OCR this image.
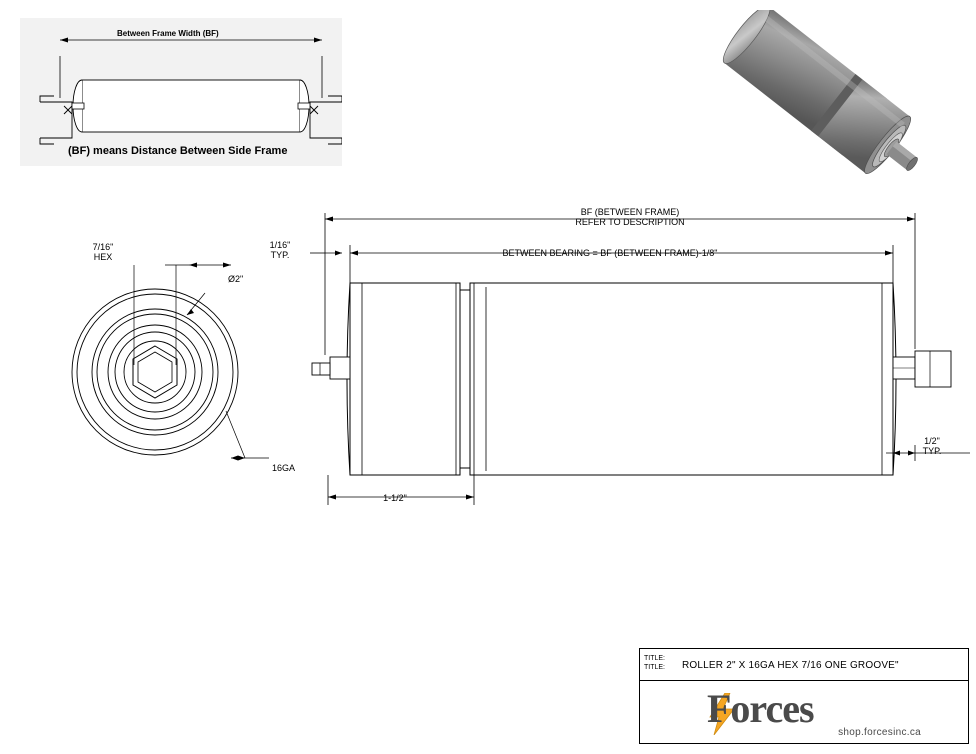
Between Frame Width (BF)
(BF) means Distance Between Side Frame
7/16"
HEX
Ø2"
16GA
BF (BETWEEN FRAME)
REFER TO DESCRIPTION
BETWEEN BEARING = BF (BETWEEN FRAME)-1/8"
1/16"
TYP.
1/2"
TYP.
1-1/2"
TITLE:
TITLE: ROLLER 2" X 16GA HEX 7/16 ONE GROOVE"
Forces
shop.forcesinc.ca
